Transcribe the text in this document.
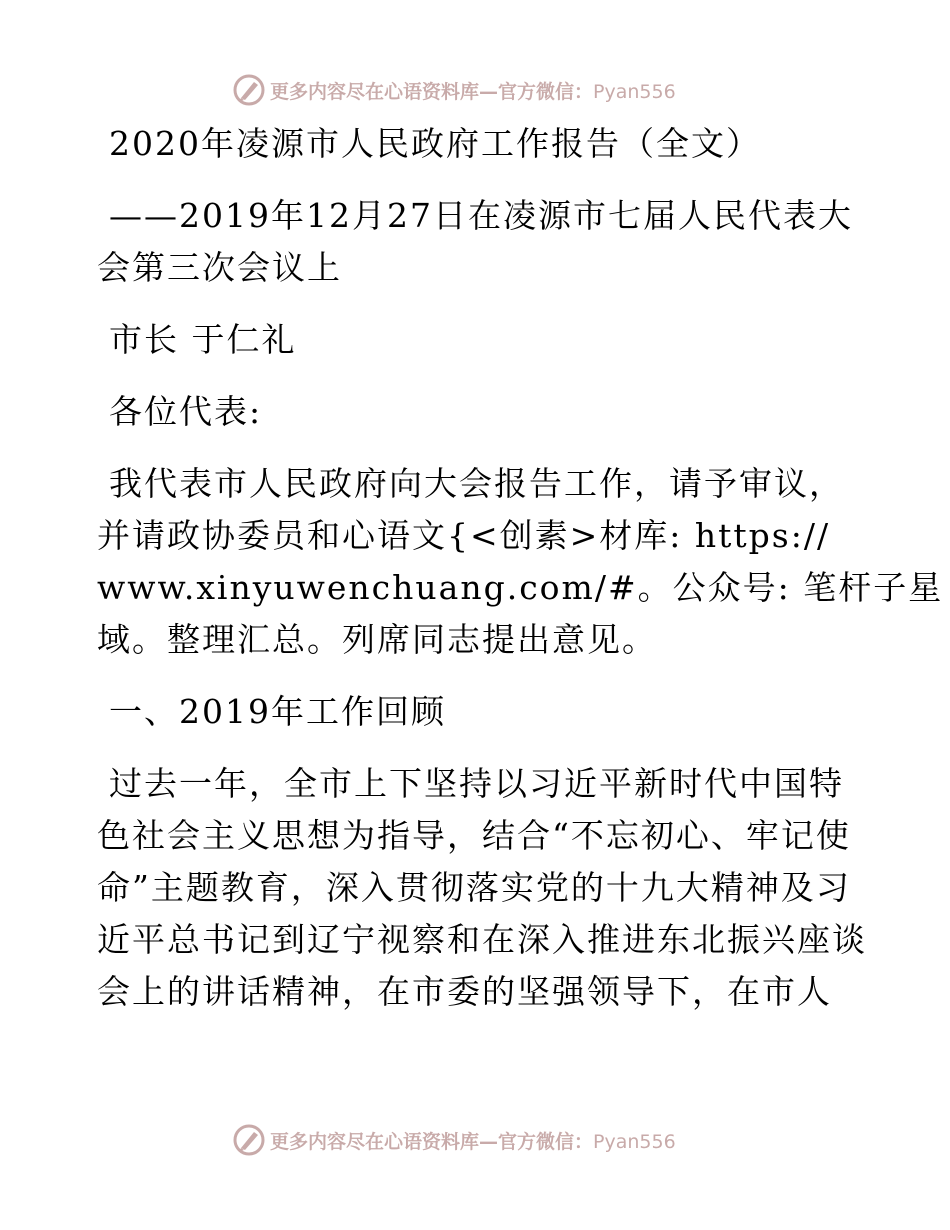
更多内容尽在心语资料库—官方微信：Pyan556
2020年凌源市人民政府工作报告（全文）
——2019年12月27日在凌源市七届人民代表大
会第三次会议上
市长 于仁礼
各位代表:
我代表市人民政府向大会报告工作，请予审议，
并请政协委员和心语文{<创素>材库: https://
www.xinyuwenchuang.com/#。公众号: 笔杆子星
域。整理汇总。列席同志提出意见。
一、2019年工作回顾
过去一年，全市上下坚持以习近平新时代中国特
色社会主义思想为指导，结合“不忘初心、牢记使
命”主题教育，深入贯彻落实党的十九大精神及习
近平总书记到辽宁视察和在深入推进东北振兴座谈
会上的讲话精神，在市委的坚强领导下，在市人
更多内容尽在心语资料库—官方微信：Pyan556
